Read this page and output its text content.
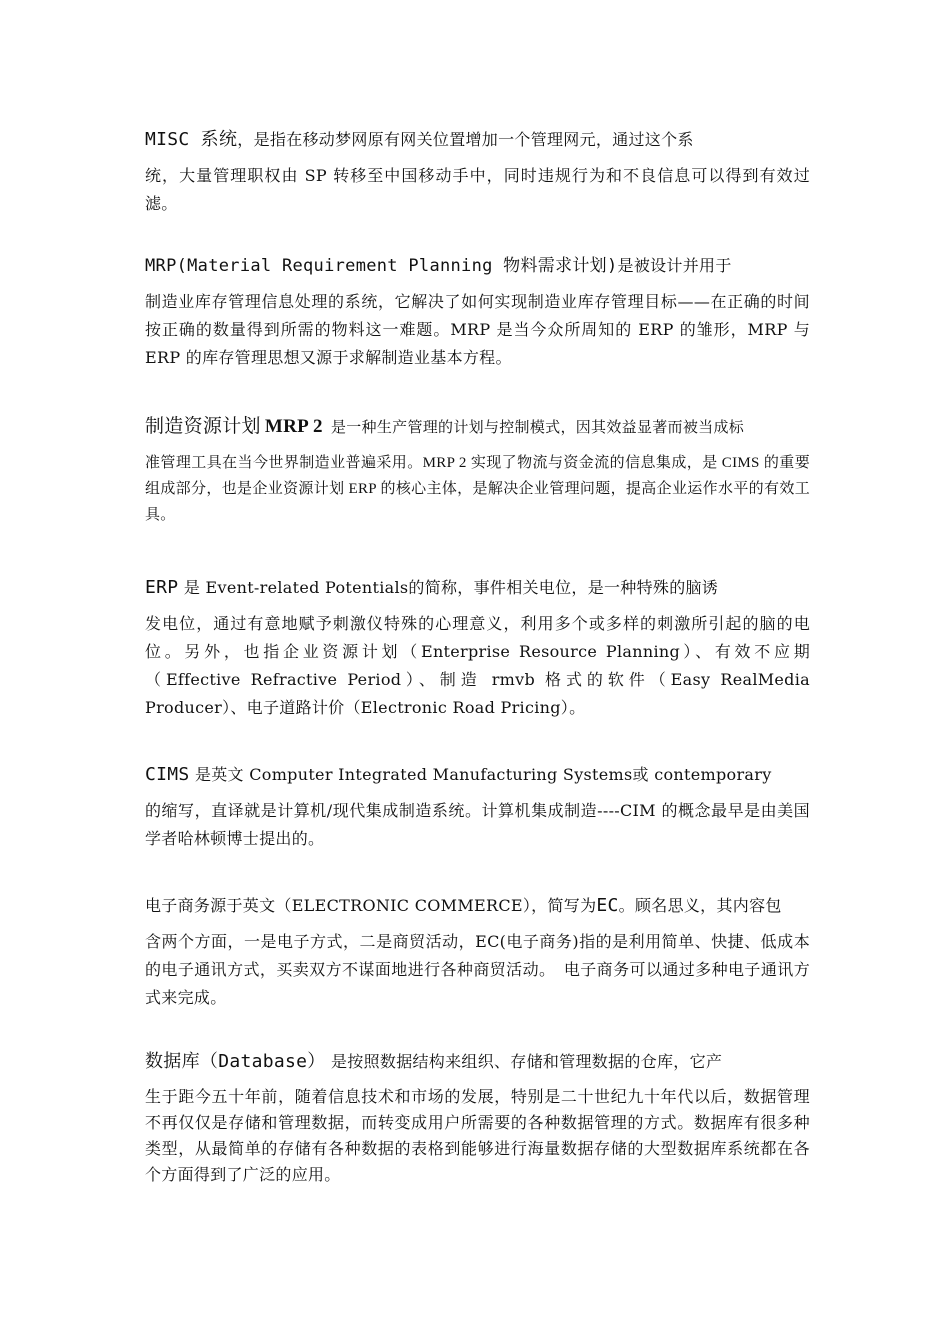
MISC 系统，是指在移动梦网原有网关位置增加一个管理网元，通过这个系
统，大量管理职权由 SP 转移至中国移动手中，同时违规行为和不良信息可以得到有效过滤。

MRP(Material Requirement Planning 物料需求计划)是被设计并用于
制造业库存管理信息处理的系统，它解决了如何实现制造业库存管理目标——在正确的时间按正确的数量得到所需的物料这一难题。MRP 是当今众所周知的 ERP 的雏形，MRP 与 ERP 的库存管理思想又源于求解制造业基本方程。

制造资源计划 MRP 2 是一种生产管理的计划与控制模式，因其效益显著而被当成标
准管理工具在当今世界制造业普遍采用。MRP 2 实现了物流与资金流的信息集成，是 CIMS 的重要组成部分，也是企业资源计划 ERP 的核心主体，是解决企业管理问题，提高企业运作水平的有效工具。

ERP 是 Event-related Potentials的简称，事件相关电位，是一种特殊的脑诱
发电位，通过有意地赋予刺激仪特殊的心理意义，利用多个或多样的刺激所引起的脑的电位。另外，也指企业资源计划（Enterprise Resource Planning）、有效不应期（Effective Refractive Period）、制造 rmvb 格式的软件（Easy RealMedia Producer）、电子道路计价（Electronic Road Pricing）。

CIMS 是英文 Computer Integrated Manufacturing Systems或 contemporary
的缩写，直译就是计算机/现代集成制造系统。计算机集成制造----CIM 的概念最早是由美国学者哈林顿博士提出的。

电子商务源于英文（ELECTRONIC COMMERCE），简写为EC。顾名思义，其内容包
含两个方面，一是电子方式，二是商贸活动，EC(电子商务)指的是利用简单、快捷、低成本的电子通讯方式，买卖双方不谋面地进行各种商贸活动。　电子商务可以通过多种电子通讯方式来完成。

数据库（Database） 是按照数据结构来组织、存储和管理数据的仓库，它产
生于距今五十年前，随着信息技术和市场的发展，特别是二十世纪九十年代以后，数据管理不再仅仅是存储和管理数据，而转变成用户所需要的各种数据管理的方式。数据库有很多种类型，从最简单的存储有各种数据的表格到能够进行海量数据存储的大型数据库系统都在各个方面得到了广泛的应用。
